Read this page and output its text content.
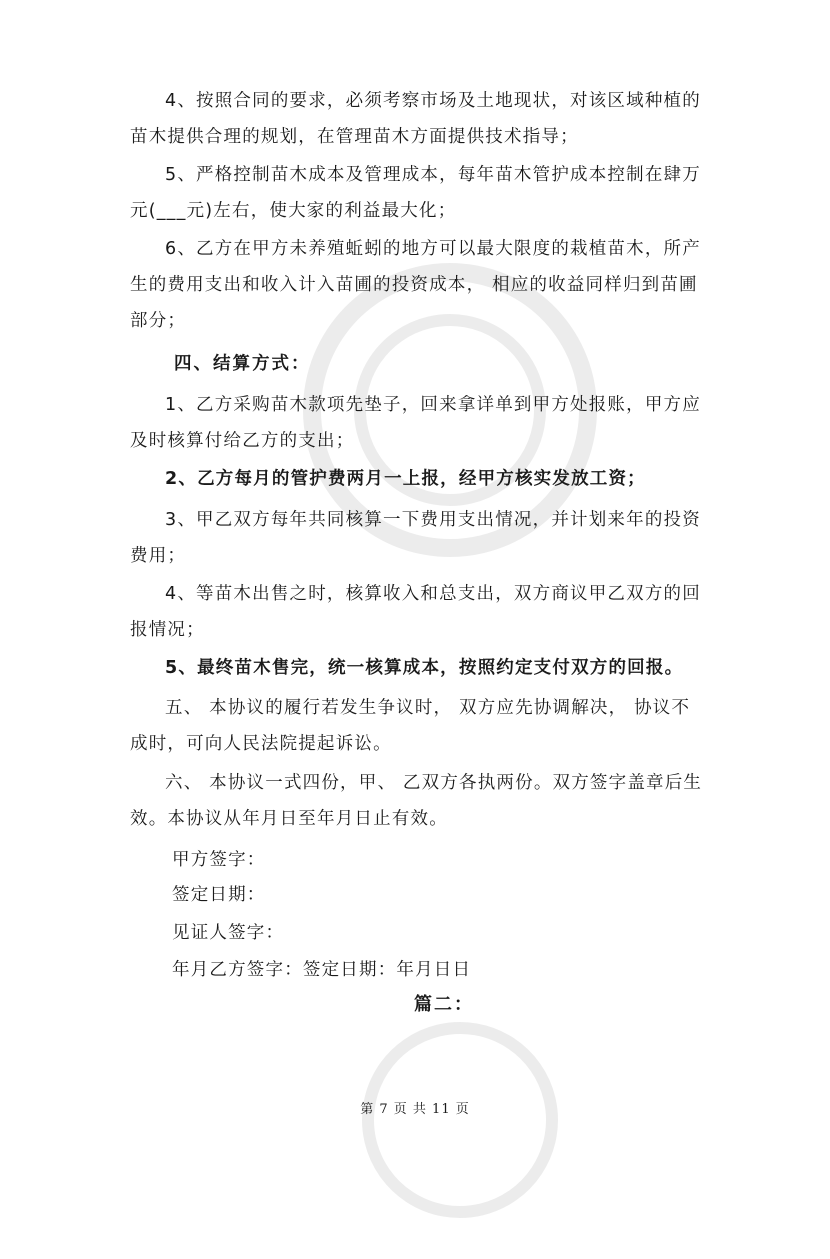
4、按照合同的要求，必须考察市场及土地现状，对该区域种植的苗木提供合理的规划，在管理苗木方面提供技术指导；

5、严格控制苗木成本及管理成本，每年苗木管护成本控制在肆万元(___元)左右，使大家的利益最大化；

6、乙方在甲方未养殖蚯蚓的地方可以最大限度的栽植苗木，所产生的费用支出和收入计入苗圃的投资成本， 相应的收益同样归到苗圃部分；

四、结算方式：

1、乙方采购苗木款项先垫子，回来拿详单到甲方处报账，甲方应及时核算付给乙方的支出；

2、乙方每月的管护费两月一上报，经甲方核实发放工资；

3、甲乙双方每年共同核算一下费用支出情况，并计划来年的投资费用；

4、等苗木出售之时，核算收入和总支出，双方商议甲乙双方的回报情况；

5、最终苗木售完，统一核算成本，按照约定支付双方的回报。

五、 本协议的履行若发生争议时， 双方应先协调解决， 协议不成时，可向人民法院提起诉讼。

六、 本协议一式四份，甲、 乙双方各执两份。双方签字盖章后生效。本协议从年月日至年月日止有效。

甲方签字：

签定日期：

见证人签字：

年月乙方签字：签定日期：年月日日

篇二：

第 7 页 共 11 页
